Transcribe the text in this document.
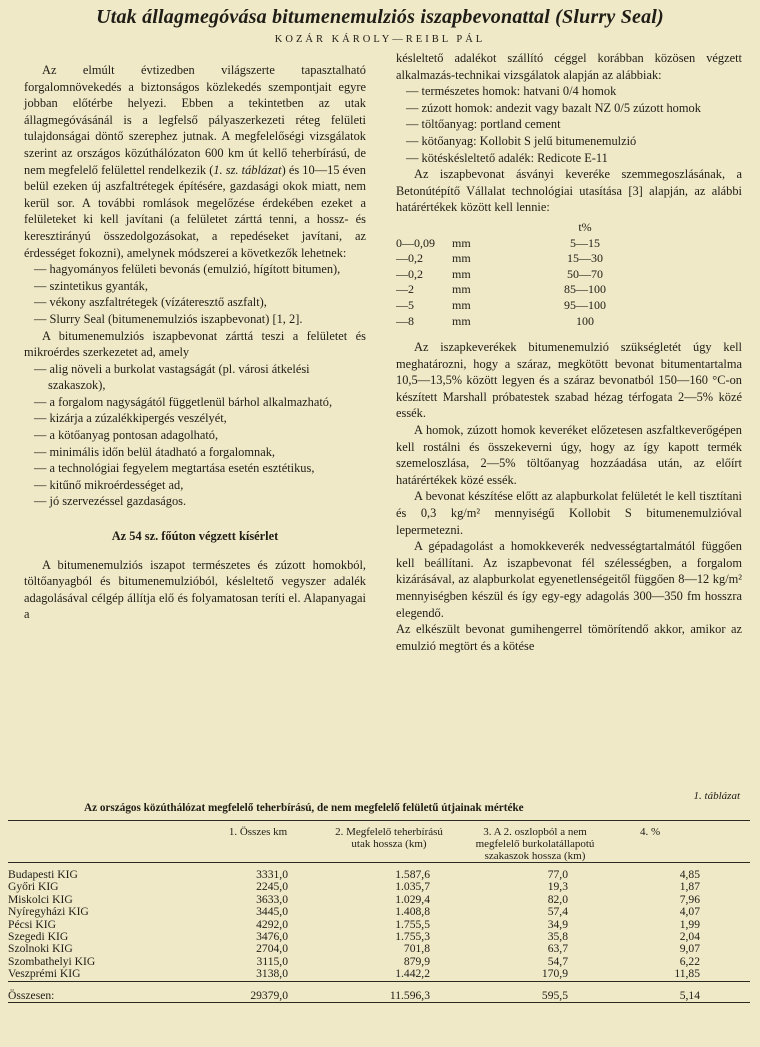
Utak állagmegóvása bitumenemulziós iszapbevonattal (Slurry Seal)
KOZÁR KÁROLY—REIBL PÁL

Az elmúlt évtizedben világszerte tapasztalható forgalomnövekedés a biztonságos közlekedés szempontjait egyre jobban előtérbe helyezi. Ebben a tekintetben az utak állagmegóvásánál is a legfelső pályaszerkezeti réteg felületi tulajdonságai döntő szerephez jutnak. A megfelelőségi vizsgálatok szerint az országos közúthálózaton 600 km út kellő teherbírású, de nem megfelelő felülettel rendelkezik (1. sz. táblázat) és 10—15 éven belül ezeken új aszfaltrétegek építésére, gazdasági okok miatt, nem kerül sor. A további romlások megelőzése érdekében ezeket a felületeket ki kell javítani (a felületet zárttá tenni, a hossz- és keresztirányú összedolgozásokat, a repedéseket javítani, az érdességet fokozni), amelynek módszerei a következők lehetnek:

— hagyományos felületi bevonás (emulzió, hígított bitumen),
— szintetikus gyanták,
— vékony aszfaltrétegek (vízáteresztő aszfalt),
— Slurry Seal (bitumenemulziós iszapbevonat) [1, 2].

A bitumenemulziós iszapbevonat zárttá teszi a felületet és mikroérdes szerkezetet ad, amely

— alig növeli a burkolat vastagságát (pl. városi átkelési szakaszok),
— a forgalom nagyságától függetlenül bárhol alkalmazható,
— kizárja a zúzalékkipergés veszélyét,
— a kötőanyag pontosan adagolható,
— minimális időn belül átadható a forgalomnak,
— a technológiai fegyelem megtartása esetén esztétikus,
— kitűnő mikroérdességet ad,
— jó szervezéssel gazdaságos.
Az 54 sz. főúton végzett kísérlet

A bitumenemulziós iszapot természetes és zúzott homokból, töltőanyagból és bitumenemulzióból, késleltető vegyszer adalék adagolásával célgép állítja elő és folyamatosan teríti el. Alapanyagai a

késleltető adalékot szállító céggel korábban közösen végzett alkalmazás-technikai vizsgálatok alapján az alábbiak:

— természetes homok: hatvani 0/4 homok
— zúzott homok: andezit vagy bazalt NZ 0/5 zúzott homok
— töltőanyag: portland cement
— kötőanyag: Kollobit S jelű bitumenemulzió
— kötéskésleltető adalék: Redicote E-11

Az iszapbevonat ásványi keveréke szemmegoszlásának, a Betonútépítő Vállalat technológiai utasítása [3] alapján, az alábbi határértékek között kell lennie:

		t%
0—0,09	mm	5—15
—0,2	mm	15—30
—0,2	mm	50—70
—2	mm	85—100
—5	mm	95—100
—8	mm	100

Az iszapkeverékek bitumenemulzió szükségletét úgy kell meghatározni, hogy a száraz, megkötött bevonat bitumentartalma 10,5—13,5% között legyen és a száraz bevonatból 150—160 °C-on készített Marshall próbatestek szabad hézag térfogata 2—5% közé essék.

A homok, zúzott homok keveréket előzetesen aszfaltkeverőgépen kell rostálni és összekeverni úgy, hogy az így kapott termék szemeloszlása, 2—5% töltőanyag hozzáadása után, az előírt határértékek közé essék.

A bevonat készítése előtt az alapburkolat felületét le kell tisztítani és 0,3 kg/m² mennyiségű Kollobit S bitumenemulzióval lepermetezni.

A gépadagolást a homokkeverék nedvességtartalmától függően kell beállítani. Az iszapbevonat fél szélességben, a forgalom kizárásával, az alapburkolat egyenetlenségeitől függően 8—12 kg/m² mennyiségben készül és így egy-egy adagolás 300—350 fm hosszra elegendő.

Az elkészült bevonat gumihengerrel tömörítendő akkor, amikor az emulzió megtört és a kötése

1. táblázat
Az országos közúthálózat megfelelő teherbírású, de nem megfelelő felületű útjainak mértéke
	1. Összes km	2. Megfelelő teherbírású utak hossza (km)	3. A 2. oszlopból a nem megfelelő burkolatállapotú szakaszok hossza (km)	4. %
Budapesti KIG	3331,0	1.587,6	77,0	4,85
Győri KIG	2245,0	1.035,7	19,3	1,87
Miskolci KIG	3633,0	1.029,4	82,0	7,96
Nyíregyházi KIG	3445,0	1.408,8	57,4	4,07
Pécsi KIG	4292,0	1.755,5	34,9	1,99
Szegedi KIG	3476,0	1.755,3	35,8	2,04
Szolnoki KIG	2704,0	701,8	63,7	9,07
Szombathelyi KIG	3115,0	879,9	54,7	6,22
Veszprémi KIG	3138,0	1.442,2	170,9	11,85
Összesen:	29379,0	11.596,3	595,5	5,14
